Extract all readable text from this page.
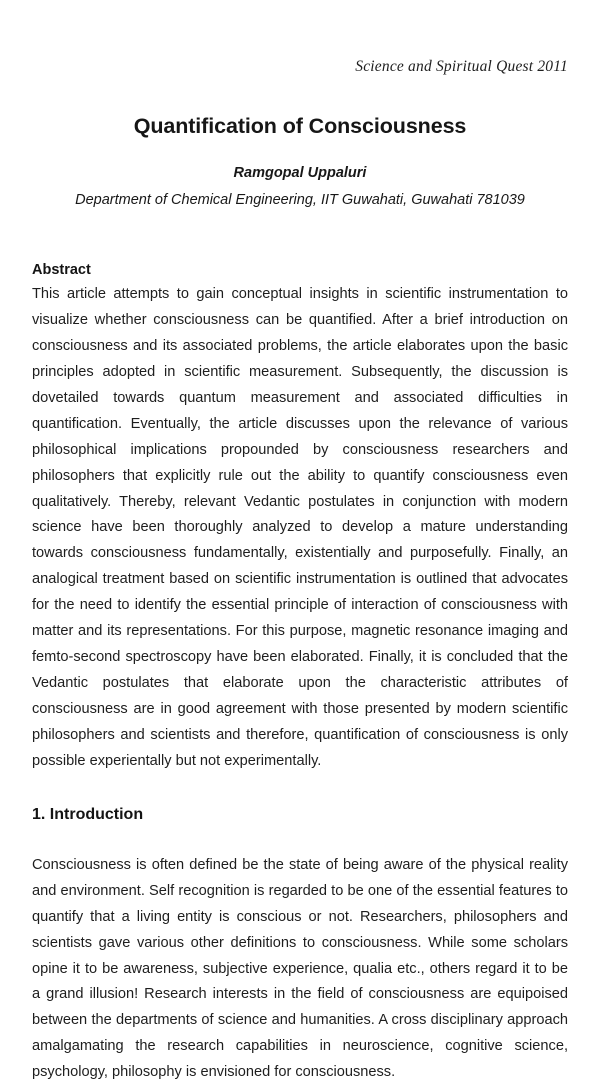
Science and Spiritual Quest 2011
Quantification of Consciousness
Ramgopal Uppaluri
Department of Chemical Engineering, IIT Guwahati, Guwahati 781039
Abstract

This article attempts to gain conceptual insights in scientific instrumentation to visualize whether consciousness can be quantified. After a brief introduction on consciousness and its associated problems, the article elaborates upon the basic principles adopted in scientific measurement. Subsequently, the discussion is dovetailed towards quantum measurement and associated difficulties in quantification. Eventually, the article discusses upon the relevance of various philosophical implications propounded by consciousness researchers and philosophers that explicitly rule out the ability to quantify consciousness even qualitatively. Thereby, relevant Vedantic postulates in conjunction with modern science have been thoroughly analyzed to develop a mature understanding towards consciousness fundamentally, existentially and purposefully. Finally, an analogical treatment based on scientific instrumentation is outlined that advocates for the need to identify the essential principle of interaction of consciousness with matter and its representations. For this purpose, magnetic resonance imaging and femto-second spectroscopy have been elaborated. Finally, it is concluded that the Vedantic postulates that elaborate upon the characteristic attributes of consciousness are in good agreement with those presented by modern scientific philosophers and scientists and therefore, quantification of consciousness is only possible experientally but not experimentally.

1. Introduction

Consciousness is often defined be the state of being aware of the physical reality and environment. Self recognition is regarded to be one of the essential features to quantify that a living entity is conscious or not. Researchers, philosophers and scientists gave various other definitions to consciousness. While some scholars opine it to be awareness, subjective experience, qualia etc., others regard it to be a grand illusion! Research interests in the field of consciousness are equipoised between the departments of science and humanities. A cross disciplinary approach amalgamating the research capabilities in neuroscience, cognitive science, psychology, philosophy is envisioned for consciousness.
